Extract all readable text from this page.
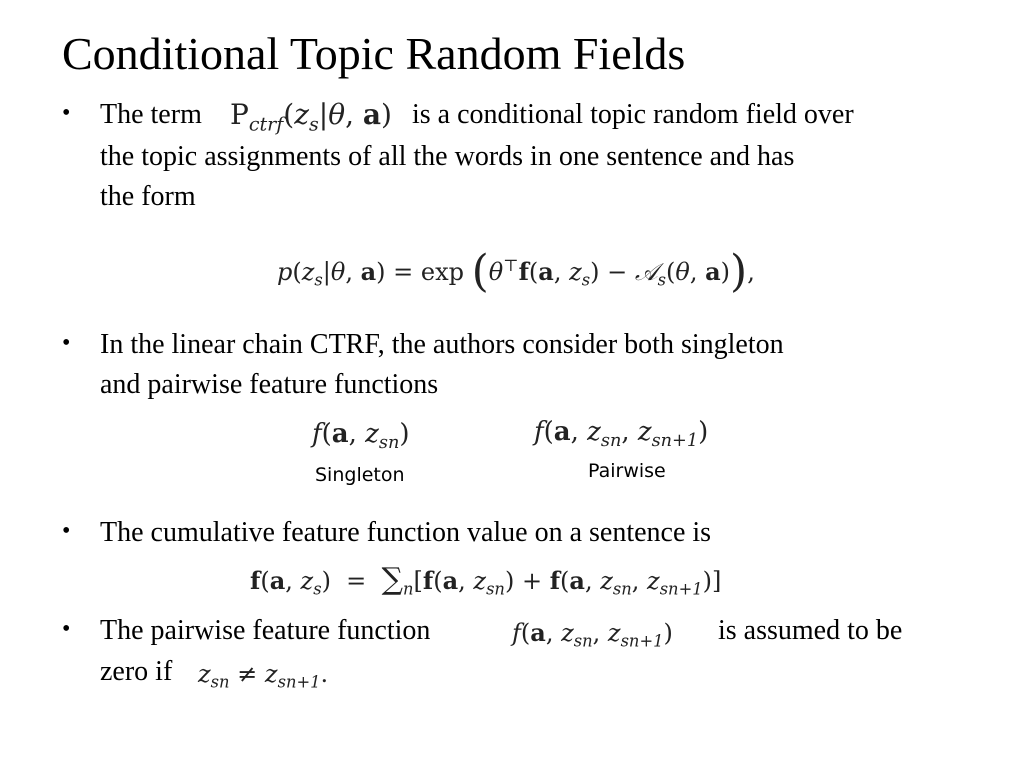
Conditional Topic Random Fields
• The term $P_{ctrf}(z_s|\theta$, a) is a conditional topic random field over
the topic assignments of all the words in one sentence and has
the form
$p(z_s|\theta$, a) = exp (θ⊤f(a, $z_s$) − 𝒜$_s$(θ, a)),
• In the linear chain CTRF, the authors consider both singleton
and pairwise feature functions
f(a, $z_{sn}$)	f(a, $z_{sn}$, $z_{sn+1}$)
Singleton	Pairwise
• The cumulative feature function value on a sentence is
f(a, $z_s) = \sum_n[f(a$, $z_{sn}) + f(a$, $z_{sn}$, $z_{sn+1}$)]
• The pairwise feature function	f(a, $z_{sn}$, $z_{sn+1}$) is assumed to be
zero if $z_{sn} \ne z_{sn+1}$.
